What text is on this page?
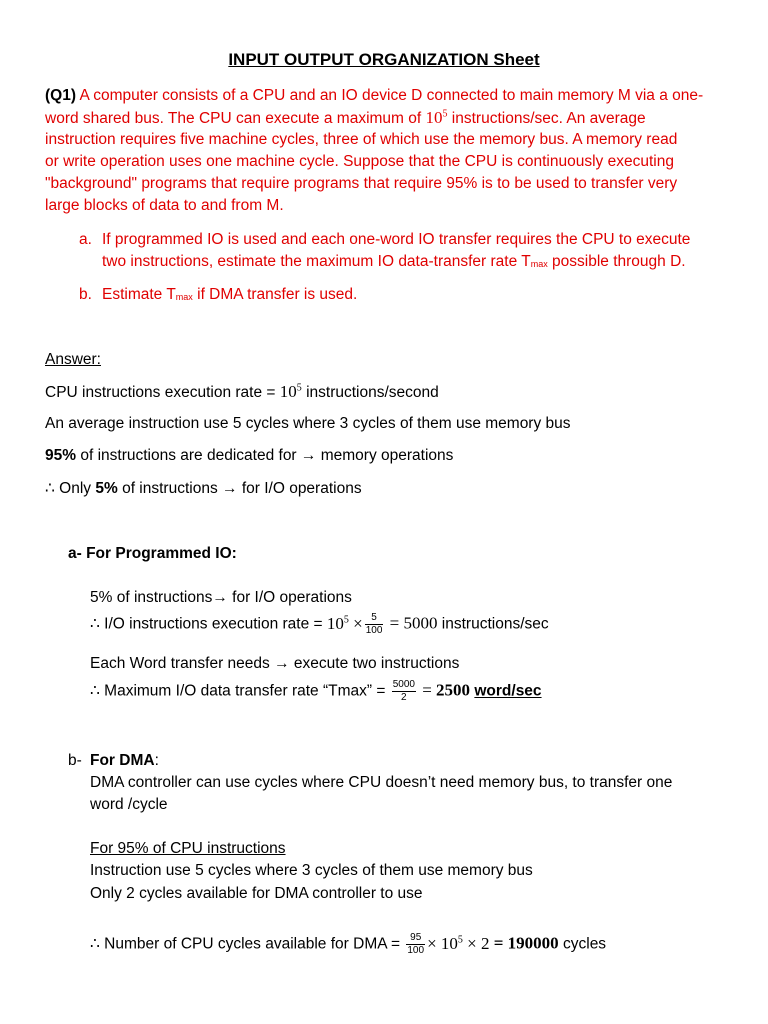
INPUT OUTPUT ORGANIZATION Sheet
(Q1) A computer consists of a CPU and an IO device D connected to main memory M via a one-
word shared bus. The CPU can execute a maximum of $10^5$ instructions/sec. An average
instruction requires five machine cycles, three of which use the memory bus. A memory read
or write operation uses one machine cycle. Suppose that the CPU is continuously executing
"background" programs that require programs that require 95% is to be used to transfer very
large blocks of data to and from M.
a. If programmed IO is used and each one-word IO transfer requires the CPU to execute
two instructions, estimate the maximum IO data-transfer rate Tmax possible through D.
b. Estimate Tmax if DMA transfer is used.
Answer:
CPU instructions execution rate = $10^5$ instructions/second
An average instruction use 5 cycles where 3 cycles of them use memory bus
95% of instructions are dedicated for → memory operations
∴ Only 5% of instructions → for I/O operations
a- For Programmed IO:
5% of instructions→ for I/O operations
∴ I/O instructions execution rate = $10^5 \times \frac{5}{100} = 5000$ instructions/sec
Each Word transfer needs → execute two instructions
∴ Maximum I/O data transfer rate “Tmax” = $\frac{5000}{2} = 2500$ word/sec
b- For DMA:
DMA controller can use cycles where CPU doesn’t need memory bus, to transfer one
word /cycle
For 95% of CPU instructions
Instruction use 5 cycles where 3 cycles of them use memory bus
Only 2 cycles available for DMA controller to use
∴ Number of CPU cycles available for DMA = $\frac{95}{100} \times 10^5 \times 2 = 190000$ cycles
